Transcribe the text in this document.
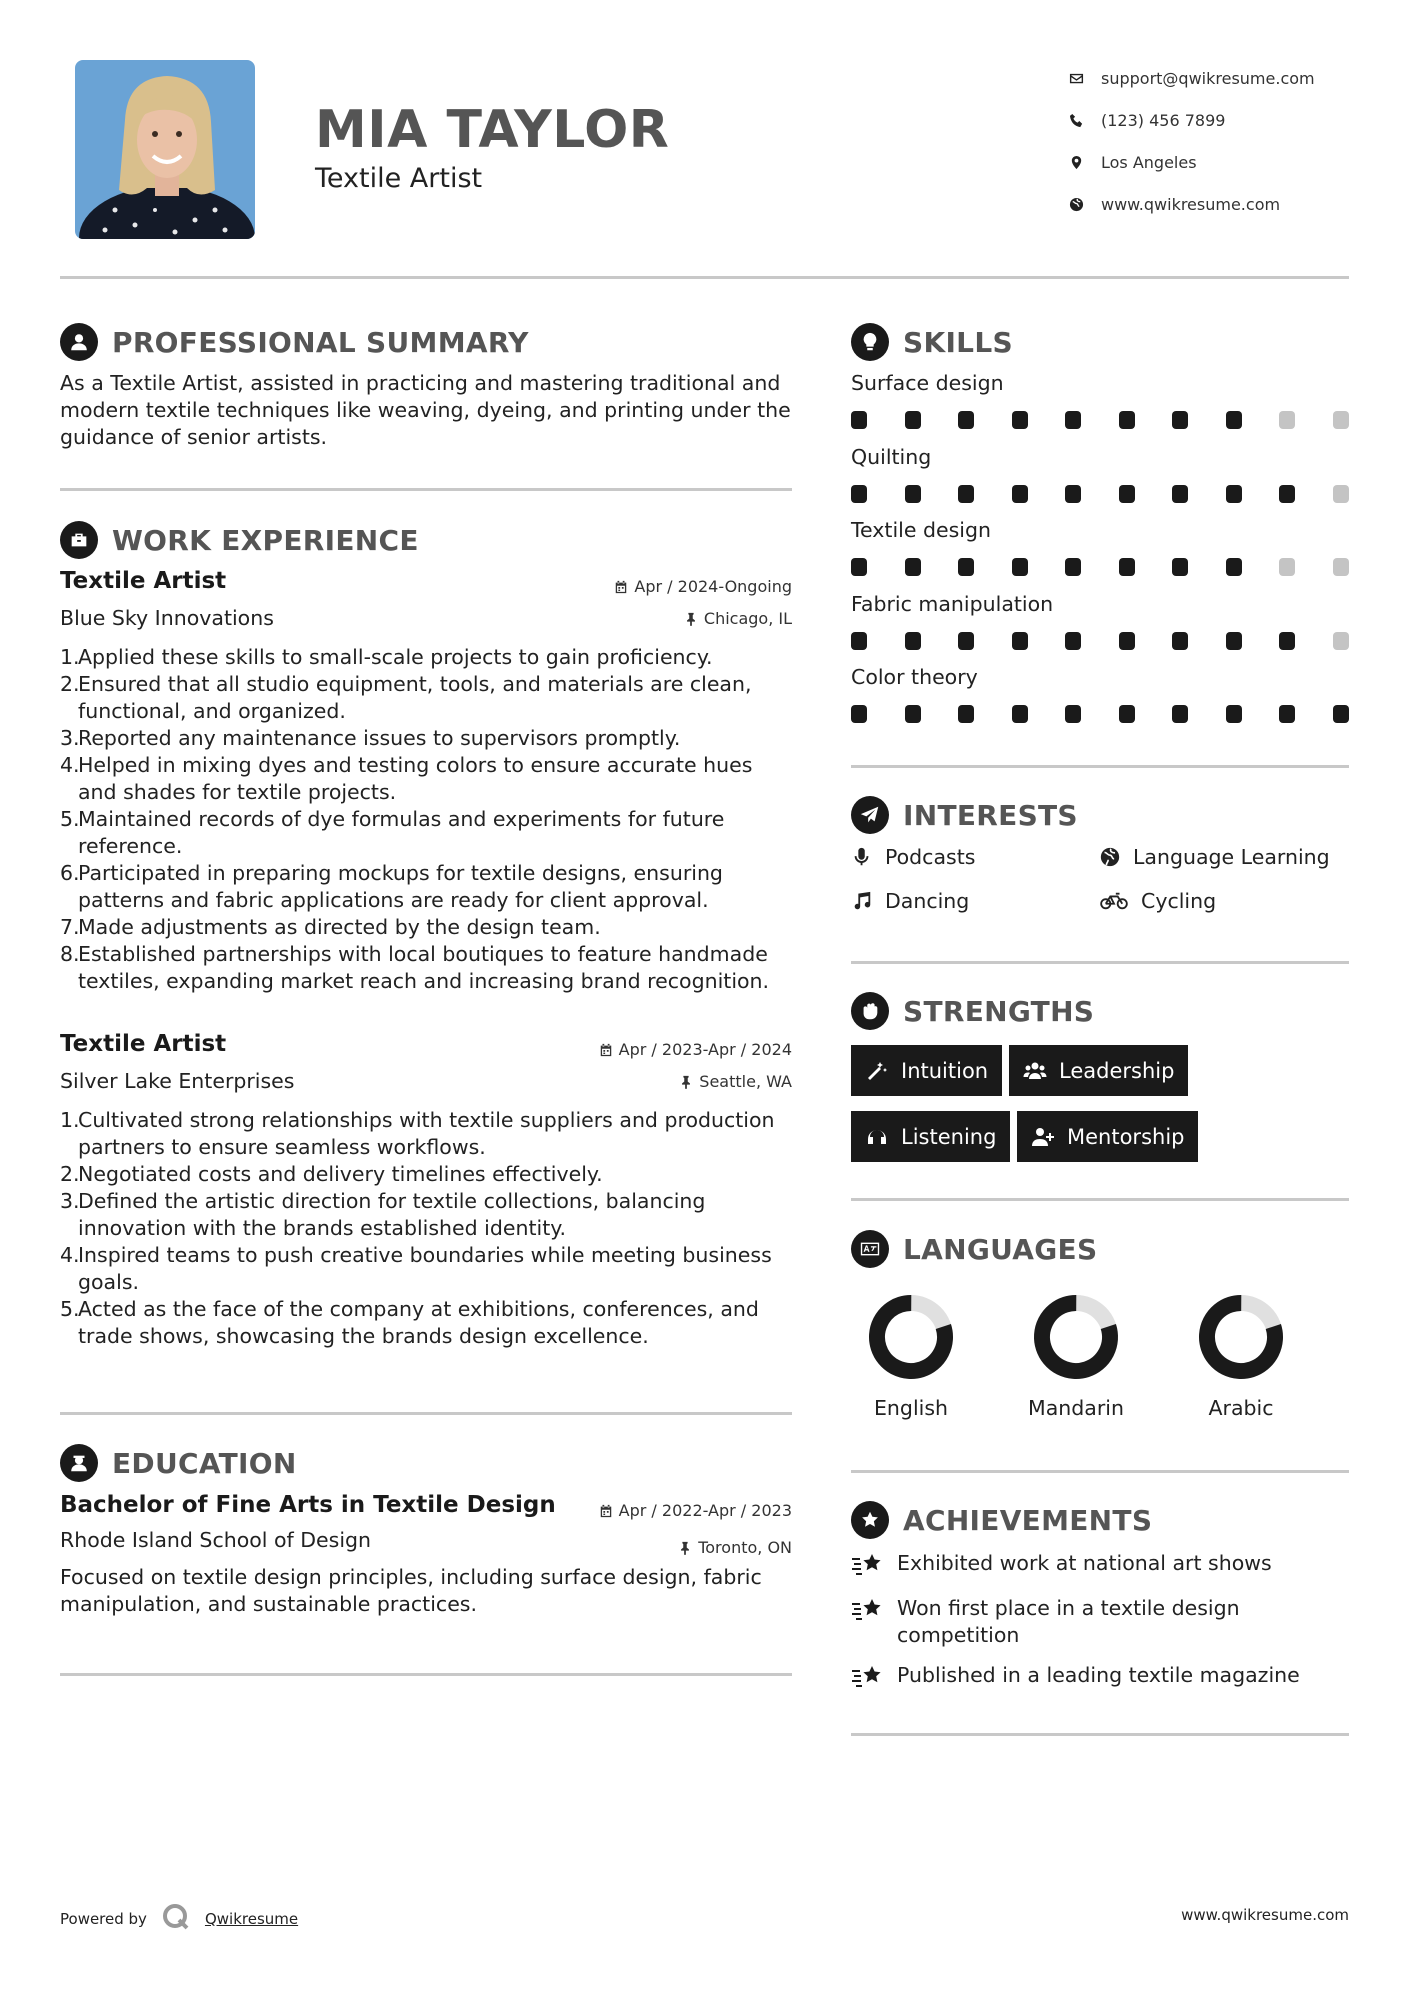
MIA TAYLOR
Textile Artist
support@qwikresume.com
(123) 456 7899
Los Angeles
www.qwikresume.com
PROFESSIONAL SUMMARY
As a Textile Artist, assisted in practicing and mastering traditional and
modern textile techniques like weaving, dyeing, and printing under the
guidance of senior artists.
WORK EXPERIENCE
Apr / 2024-Ongoing
Chicago, IL
Textile Artist
Blue Sky Innovations
1.
Applied these skills to small-scale projects to gain proficiency.
2.
Ensured that all studio equipment, tools, and materials are clean,
functional, and organized.
3.
Reported any maintenance issues to supervisors promptly.
4.
Helped in mixing dyes and testing colors to ensure accurate hues
and shades for textile projects.
5.
Maintained records of dye formulas and experiments for future
reference.
6.
Participated in preparing mockups for textile designs, ensuring
patterns and fabric applications are ready for client approval.
7.
Made adjustments as directed by the design team.
8.
Established partnerships with local boutiques to feature handmade
textiles, expanding market reach and increasing brand recognition.
Apr / 2023-Apr / 2024
Seattle, WA
Textile Artist
Silver Lake Enterprises
1.
Cultivated strong relationships with textile suppliers and production
partners to ensure seamless workflows.
2.
Negotiated costs and delivery timelines effectively.
3.
Defined the artistic direction for textile collections, balancing
innovation with the brands established identity.
4.
Inspired teams to push creative boundaries while meeting business
goals.
5.
Acted as the face of the company at exhibitions, conferences, and
trade shows, showcasing the brands design excellence.
EDUCATION
Apr / 2022-Apr / 2023
Toronto, ON
Bachelor of Fine Arts in Textile Design
Rhode Island School of Design
Focused on textile design principles, including surface design, fabric
manipulation, and sustainable practices.
SKILLS
Surface design
Quilting
Textile design
Fabric manipulation
Color theory
INTERESTS
Podcasts	Language Learning
Dancing	Cycling
STRENGTHS
Intuition	Leadership
Listening	Mentorship
LANGUAGES
English	Mandarin	Arabic
ACHIEVEMENTS
Exhibited work at national art shows
Won first place in a textile design
competition
Published in a leading textile magazine
Powered by	Qwikresume	www.qwikresume.com
